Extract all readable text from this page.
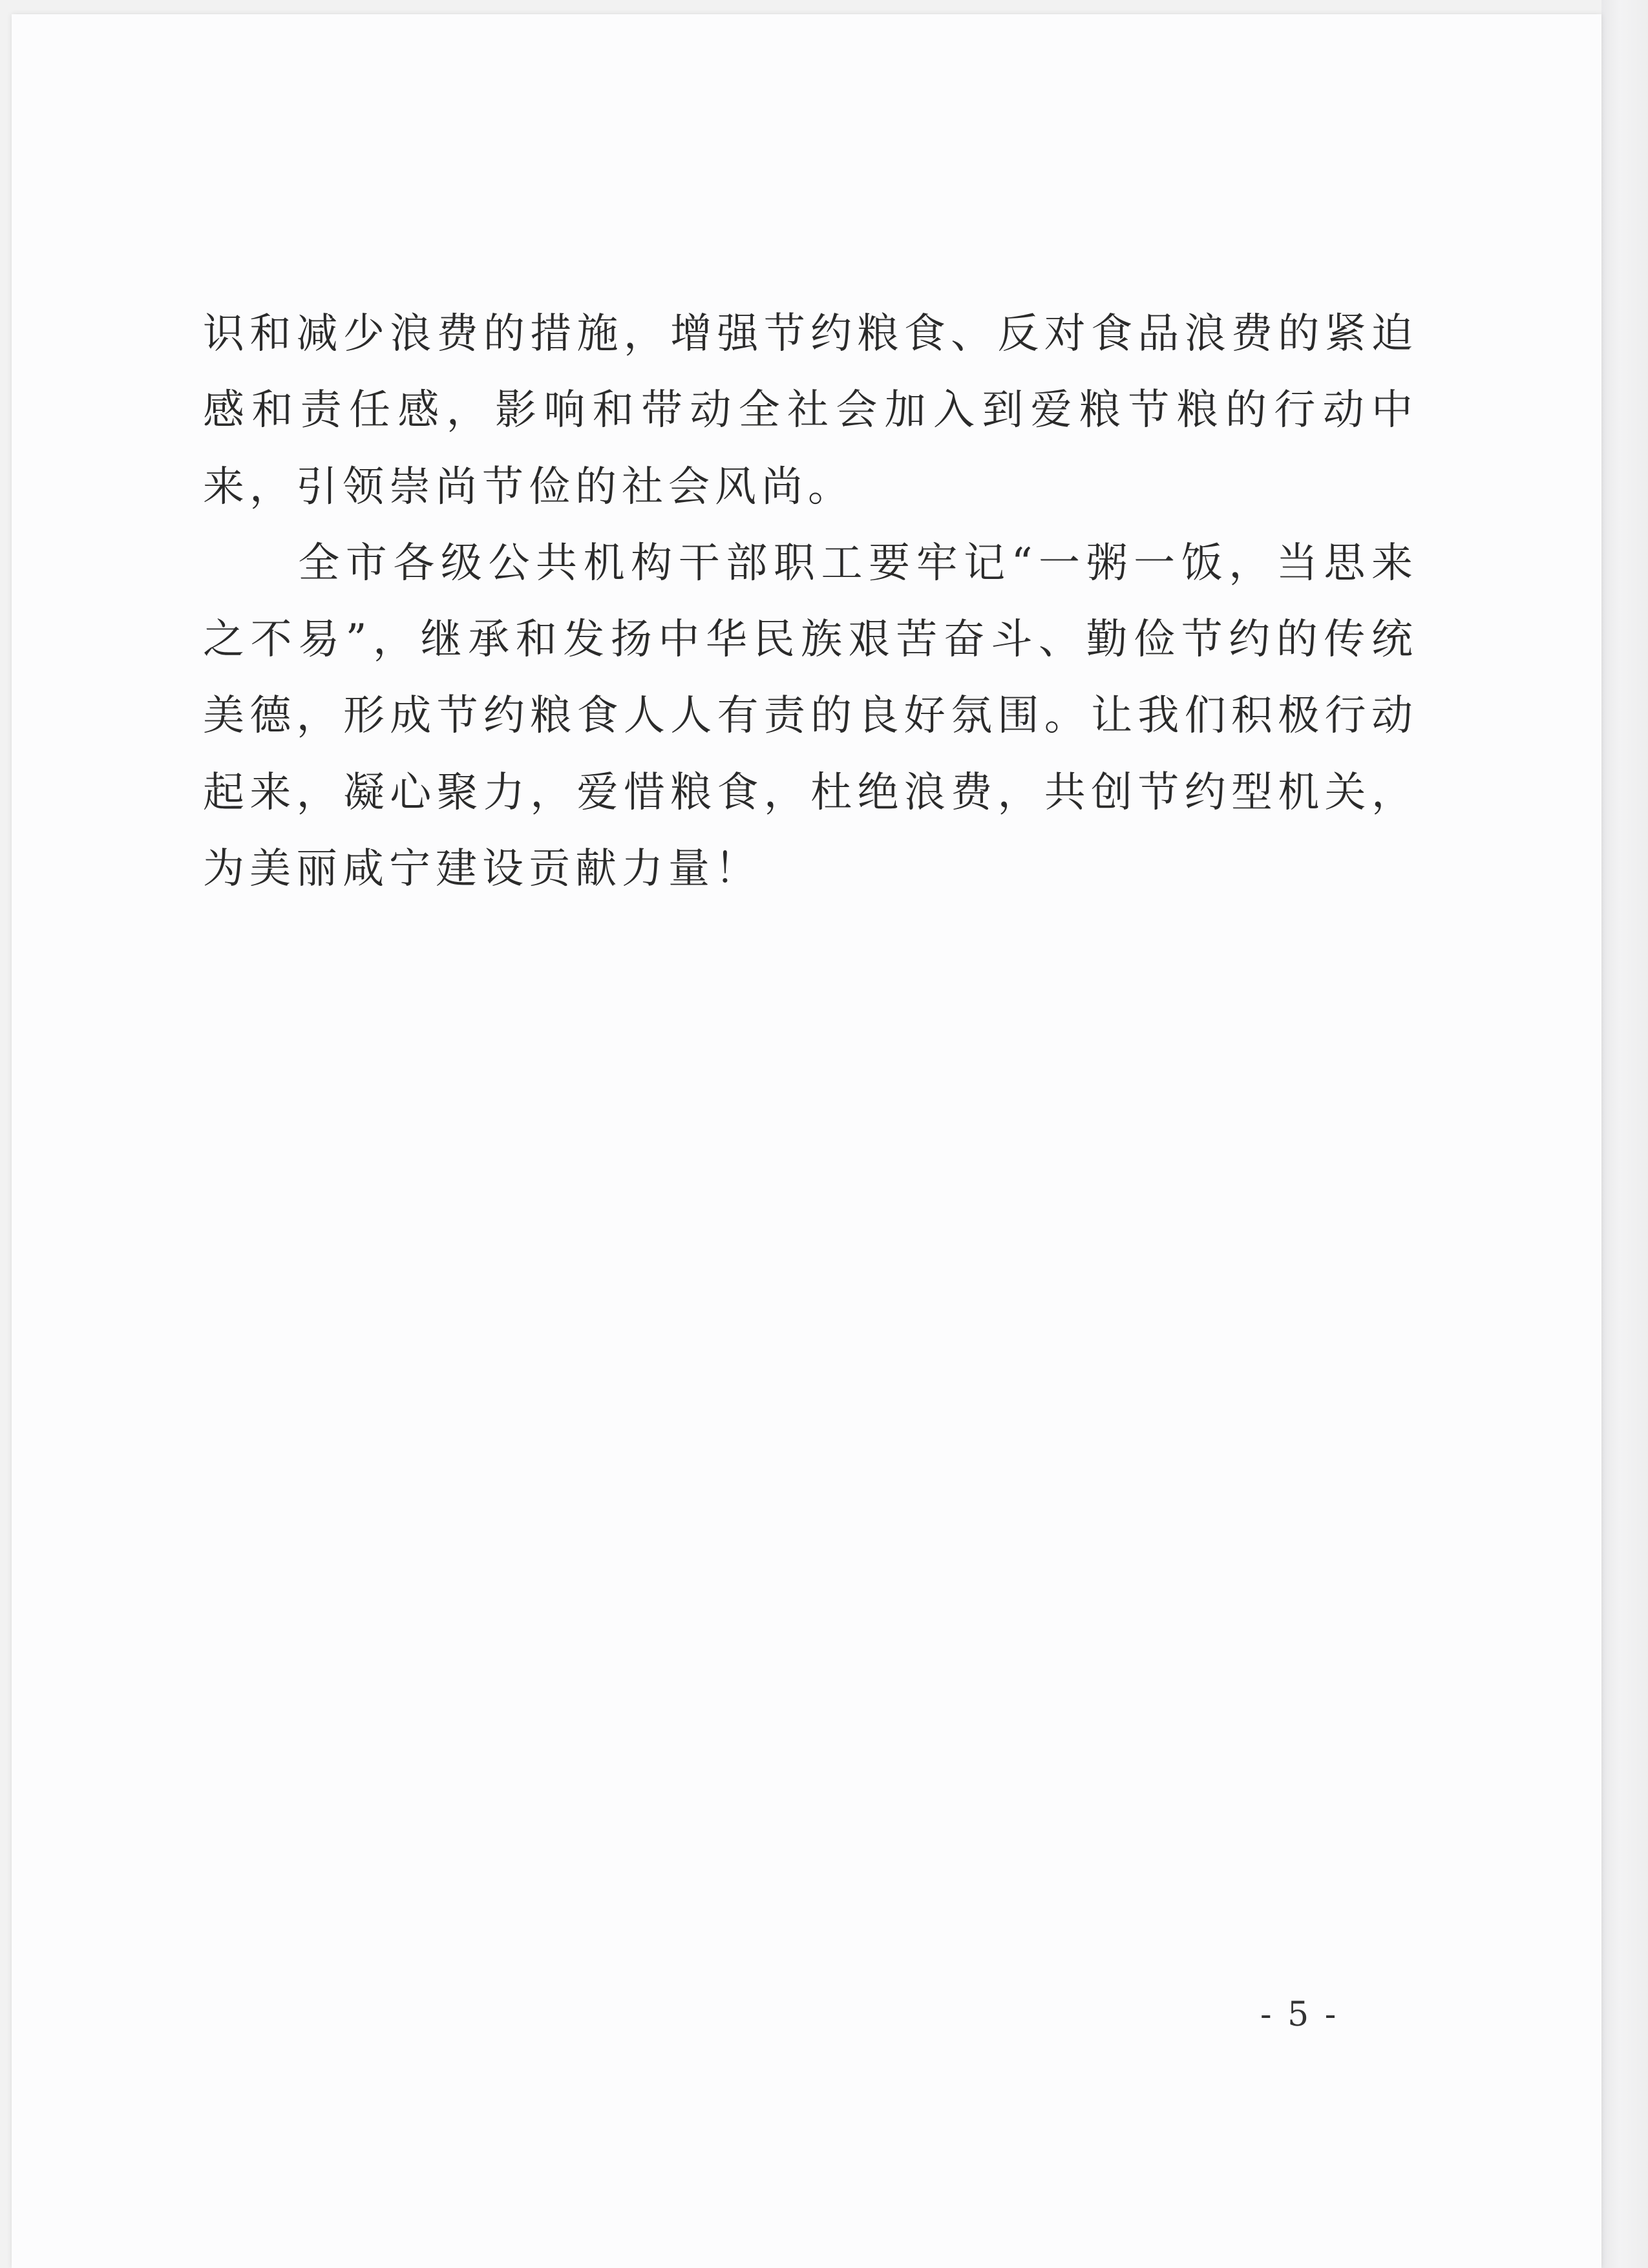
识和减少浪费的措施，增强节约粮食、反对食品浪费的紧迫感和责任感，影响和带动全社会加入到爱粮节粮的行动中来，引领崇尚节俭的社会风尚。

全市各级公共机构干部职工要牢记“一粥一饭，当思来之不易”，继承和发扬中华民族艰苦奋斗、勤俭节约的传统美德，形成节约粮食人人有责的良好氛围。让我们积极行动起来，凝心聚力，爱惜粮食，杜绝浪费，共创节约型机关，为美丽咸宁建设贡献力量！

- 5 -
